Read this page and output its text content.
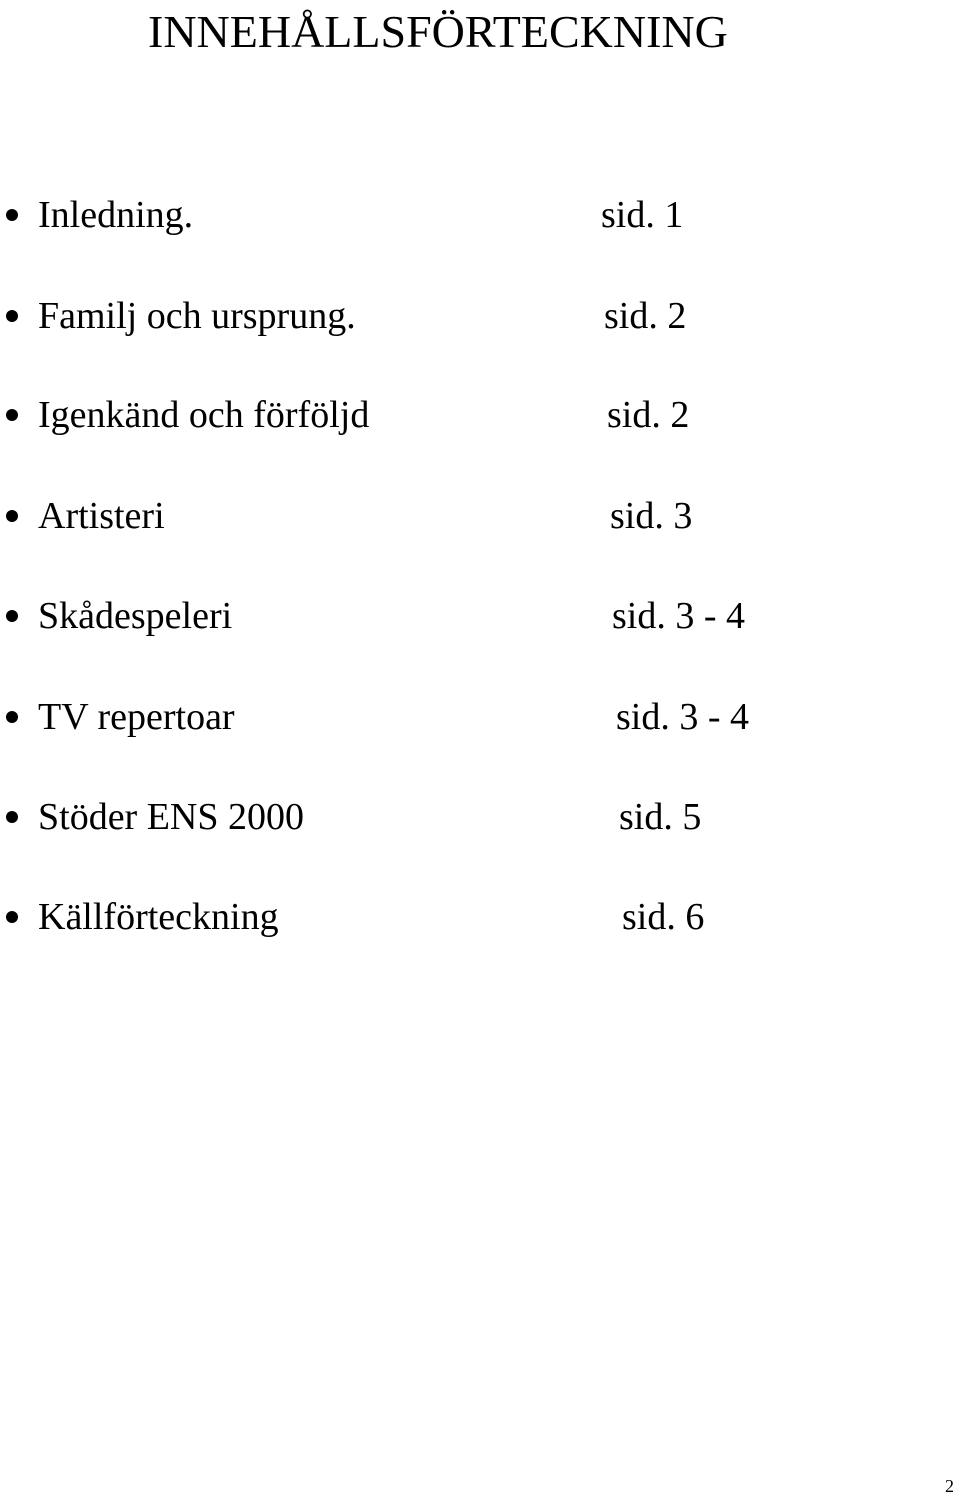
INNEHÅLLSFÖRTECKNING
Inledning.	sid. 1
Familj och ursprung.	sid. 2
Igenkänd och förföljd	sid. 2
Artisteri	sid. 3
Skådespeleri	sid. 3 - 4
TV repertoar	sid. 3 - 4
Stöder ENS 2000	sid. 5
Källförteckning	sid. 6
2
